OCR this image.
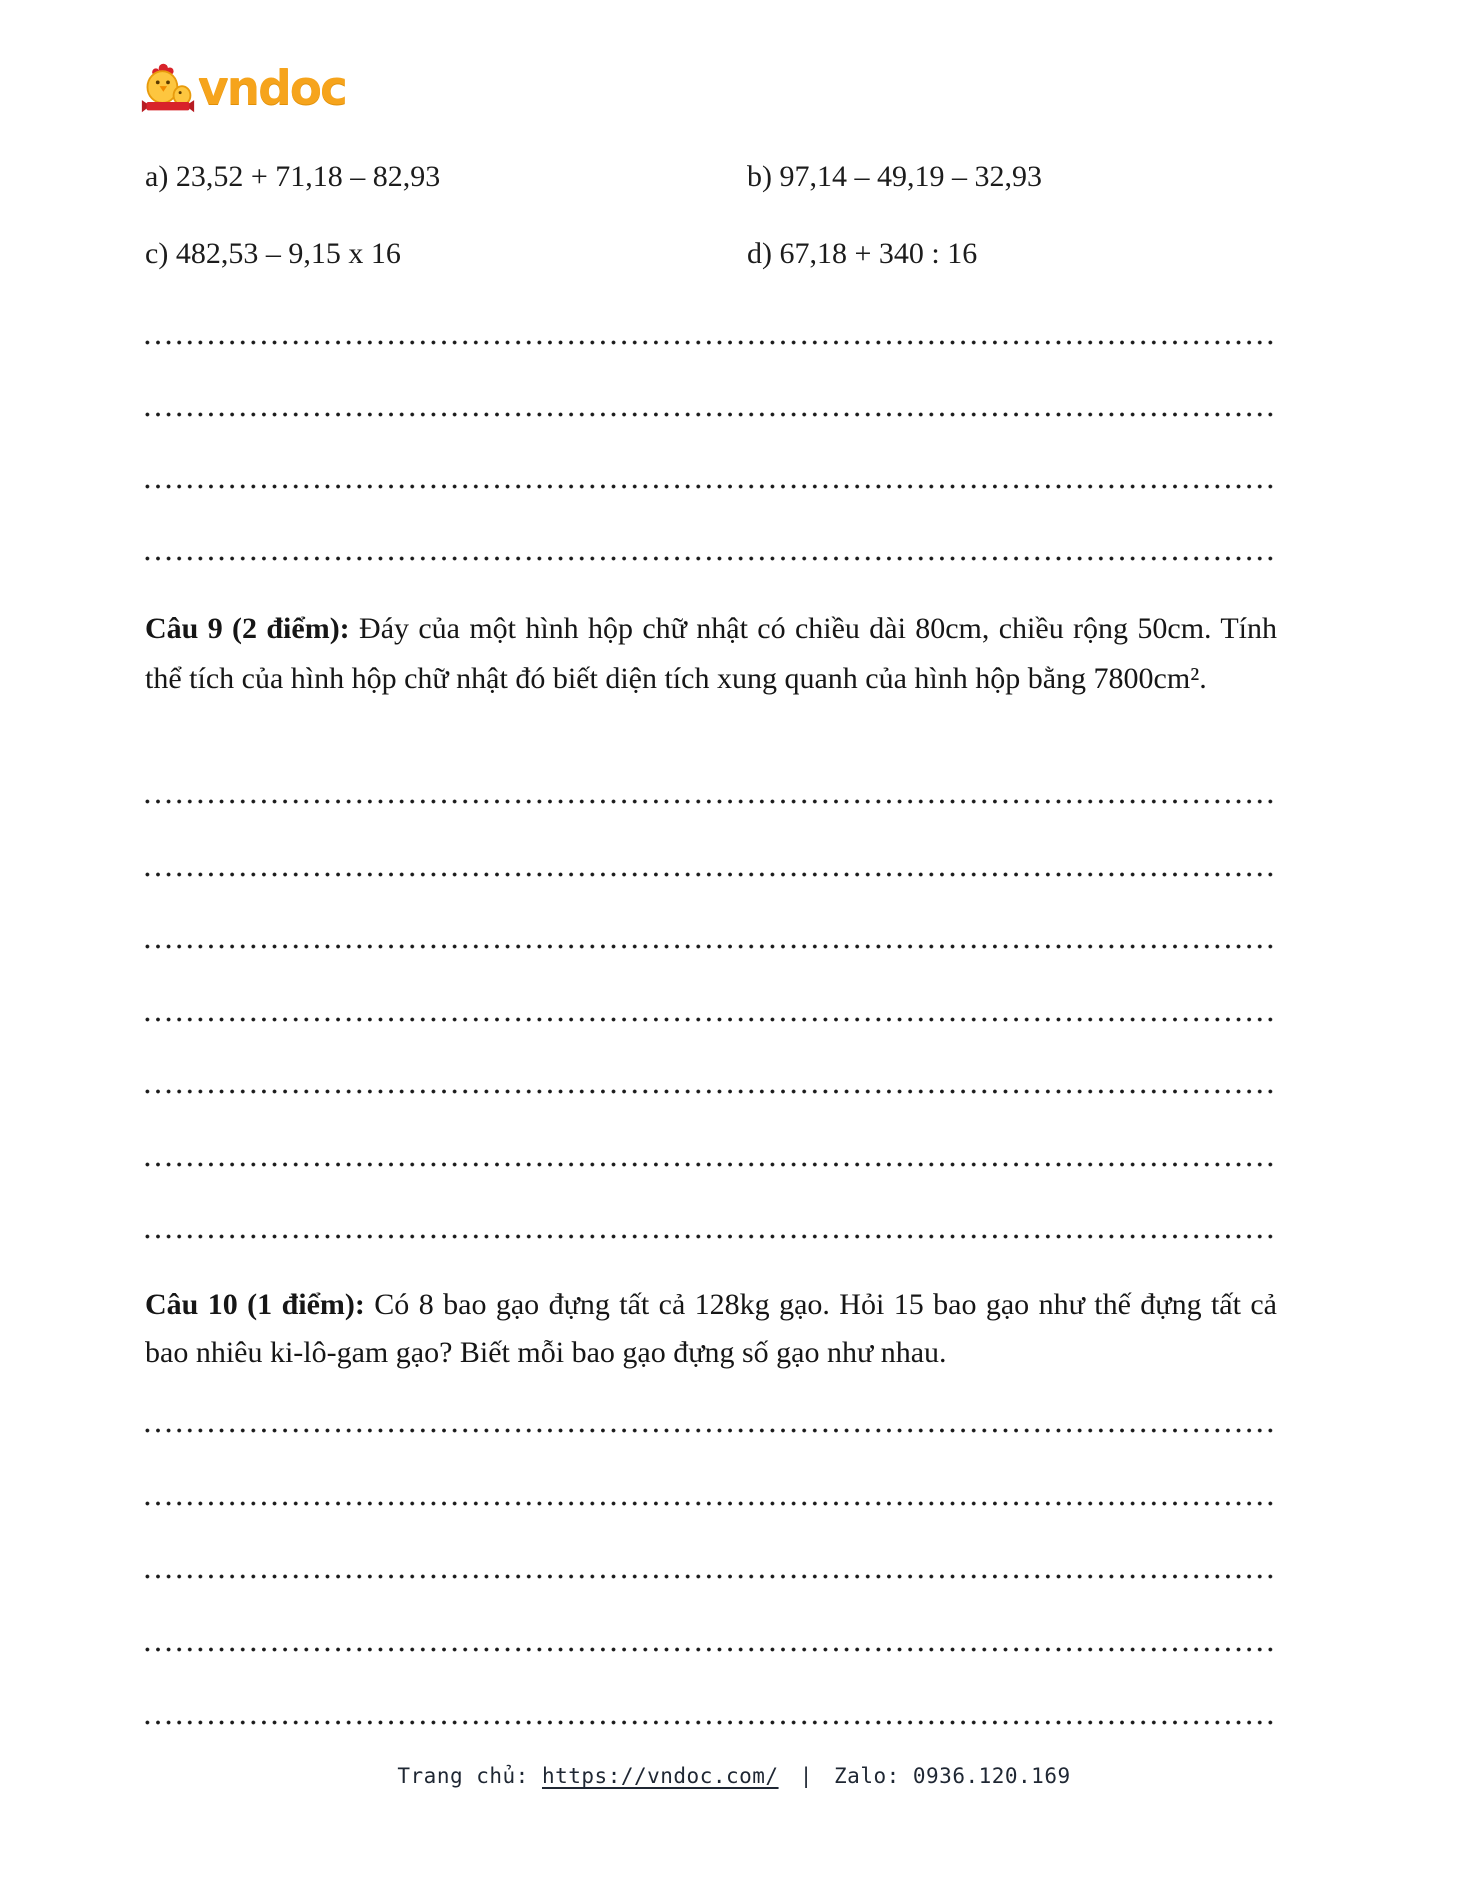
vndoc
a) 23,52 + 71,18 – 82,93	b) 97,14 – 49,19 – 32,93
c) 482,53 – 9,15 x 16	d) 67,18 + 340 : 16

Câu 9 (2 điểm): Đáy của một hình hộp chữ nhật có chiều dài 80cm, chiều rộng 50cm. Tính thể tích của hình hộp chữ nhật đó biết diện tích xung quanh của hình hộp bằng 7800cm².

Câu 10 (1 điểm): Có 8 bao gạo đựng tất cả 128kg gạo. Hỏi 15 bao gạo như thế đựng tất cả bao nhiêu ki-lô-gam gạo? Biết mỗi bao gạo đựng số gạo như nhau.

Trang chủ: https://vndoc.com/ | Zalo: 0936.120.169
